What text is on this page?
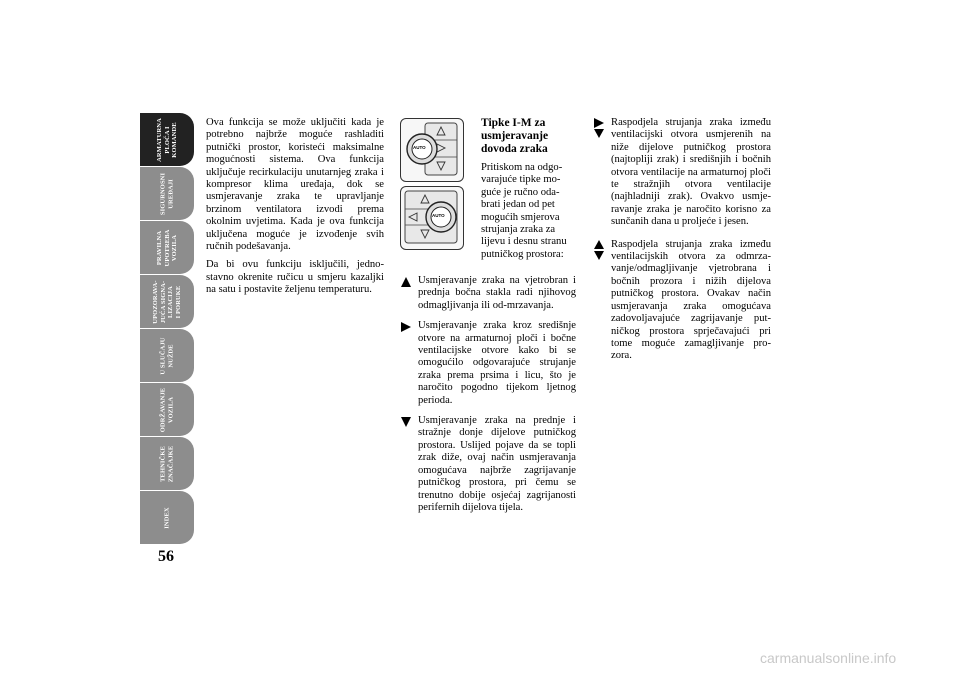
ARMATURNA
PLOČA I
KOMANDE
SIGURNOSNI
UREĐAJI
PRAVILNA
UPOTREBA
VOZILA
UPOZORAVA-
JUĆA SIGNA-
LIZACIJA
I PORUKE
U SLUČAJU
NUŽDE
ODRŽAVANJE
VOZILA
TEHNIČKE
ZNAČAJKE
INDEX
56

Ova funkcija se može uključiti kada je potrebno najbrže moguće rashladiti putnički prostor, koristeći maksimalne mogućnosti sistema. Ova funkcija uključuje recirkulaciju unutarnjeg zraka i kompresor klima uređaja, dok se usmjeravanje zraka te upravljanje brzinom ventilatora izvodi prema okolnim uvjetima. Kada je ova funkcija uključena moguće je izvođenje svih ručnih podešavanja.

Da bi ovu funkciju isključili, jedno-stavno okrenite ručicu u smjeru kazaljki na satu i postavite željenu temperaturu.

AUTO
AUTO
Tipke I-M za usmjeravanje dovoda zraka

Pritiskom na odgo-varajuće tipke mo-guće je ručno oda-brati jedan od pet mogućih smjerova strujanja zraka za lijevu i desnu stranu putničkog prostora:

Usmjeravanje zraka na vjetrobran i prednja bočna stakla radi njihovog odmagljivanja ili od-mrzavanja.
Usmjeravanje zraka kroz središnje otvore na armaturnoj ploči i bočne ventilacijske otvore kako bi se omogućilo odgovarajuće strujanje zraka prema prsima i licu, što je naročito pogodno tijekom ljetnog perioda.
Usmjeravanje zraka na prednje i stražnje donje dijelove putničkog prostora. Uslijed pojave da se topli zrak diže, ovaj način usmjeravanja omogućava najbrže zagrijavanje putničkog prostora, pri čemu se trenutno dobije osjećaj zagrijanosti perifernih dijelova tijela.
Raspodjela strujanja zraka između ventilacijski otvora usmjerenih na niže dijelove putničkog prostora (najtopliji zrak) i središnjih i bočnih otvora ventilacije na armaturnoj ploči te stražnjih otvora ventilacije (najhladniji zrak). Ovakvo usmje-ravanje zraka je naročito korisno za sunčanih dana u proljeće i jesen.
Raspodjela strujanja zraka između ventilacijskih otvora za odmrza-vanje/odmagljivanje vjetrobrana i bočnih prozora i nižih dijelova putničkog prostora. Ovakav način usmjeravanja zraka omogućava zadovoljavajuće zagrijavanje put-ničkog prostora sprječavajući pri tome moguće zamagljivanje pro-zora.
carmanualsonline.info
